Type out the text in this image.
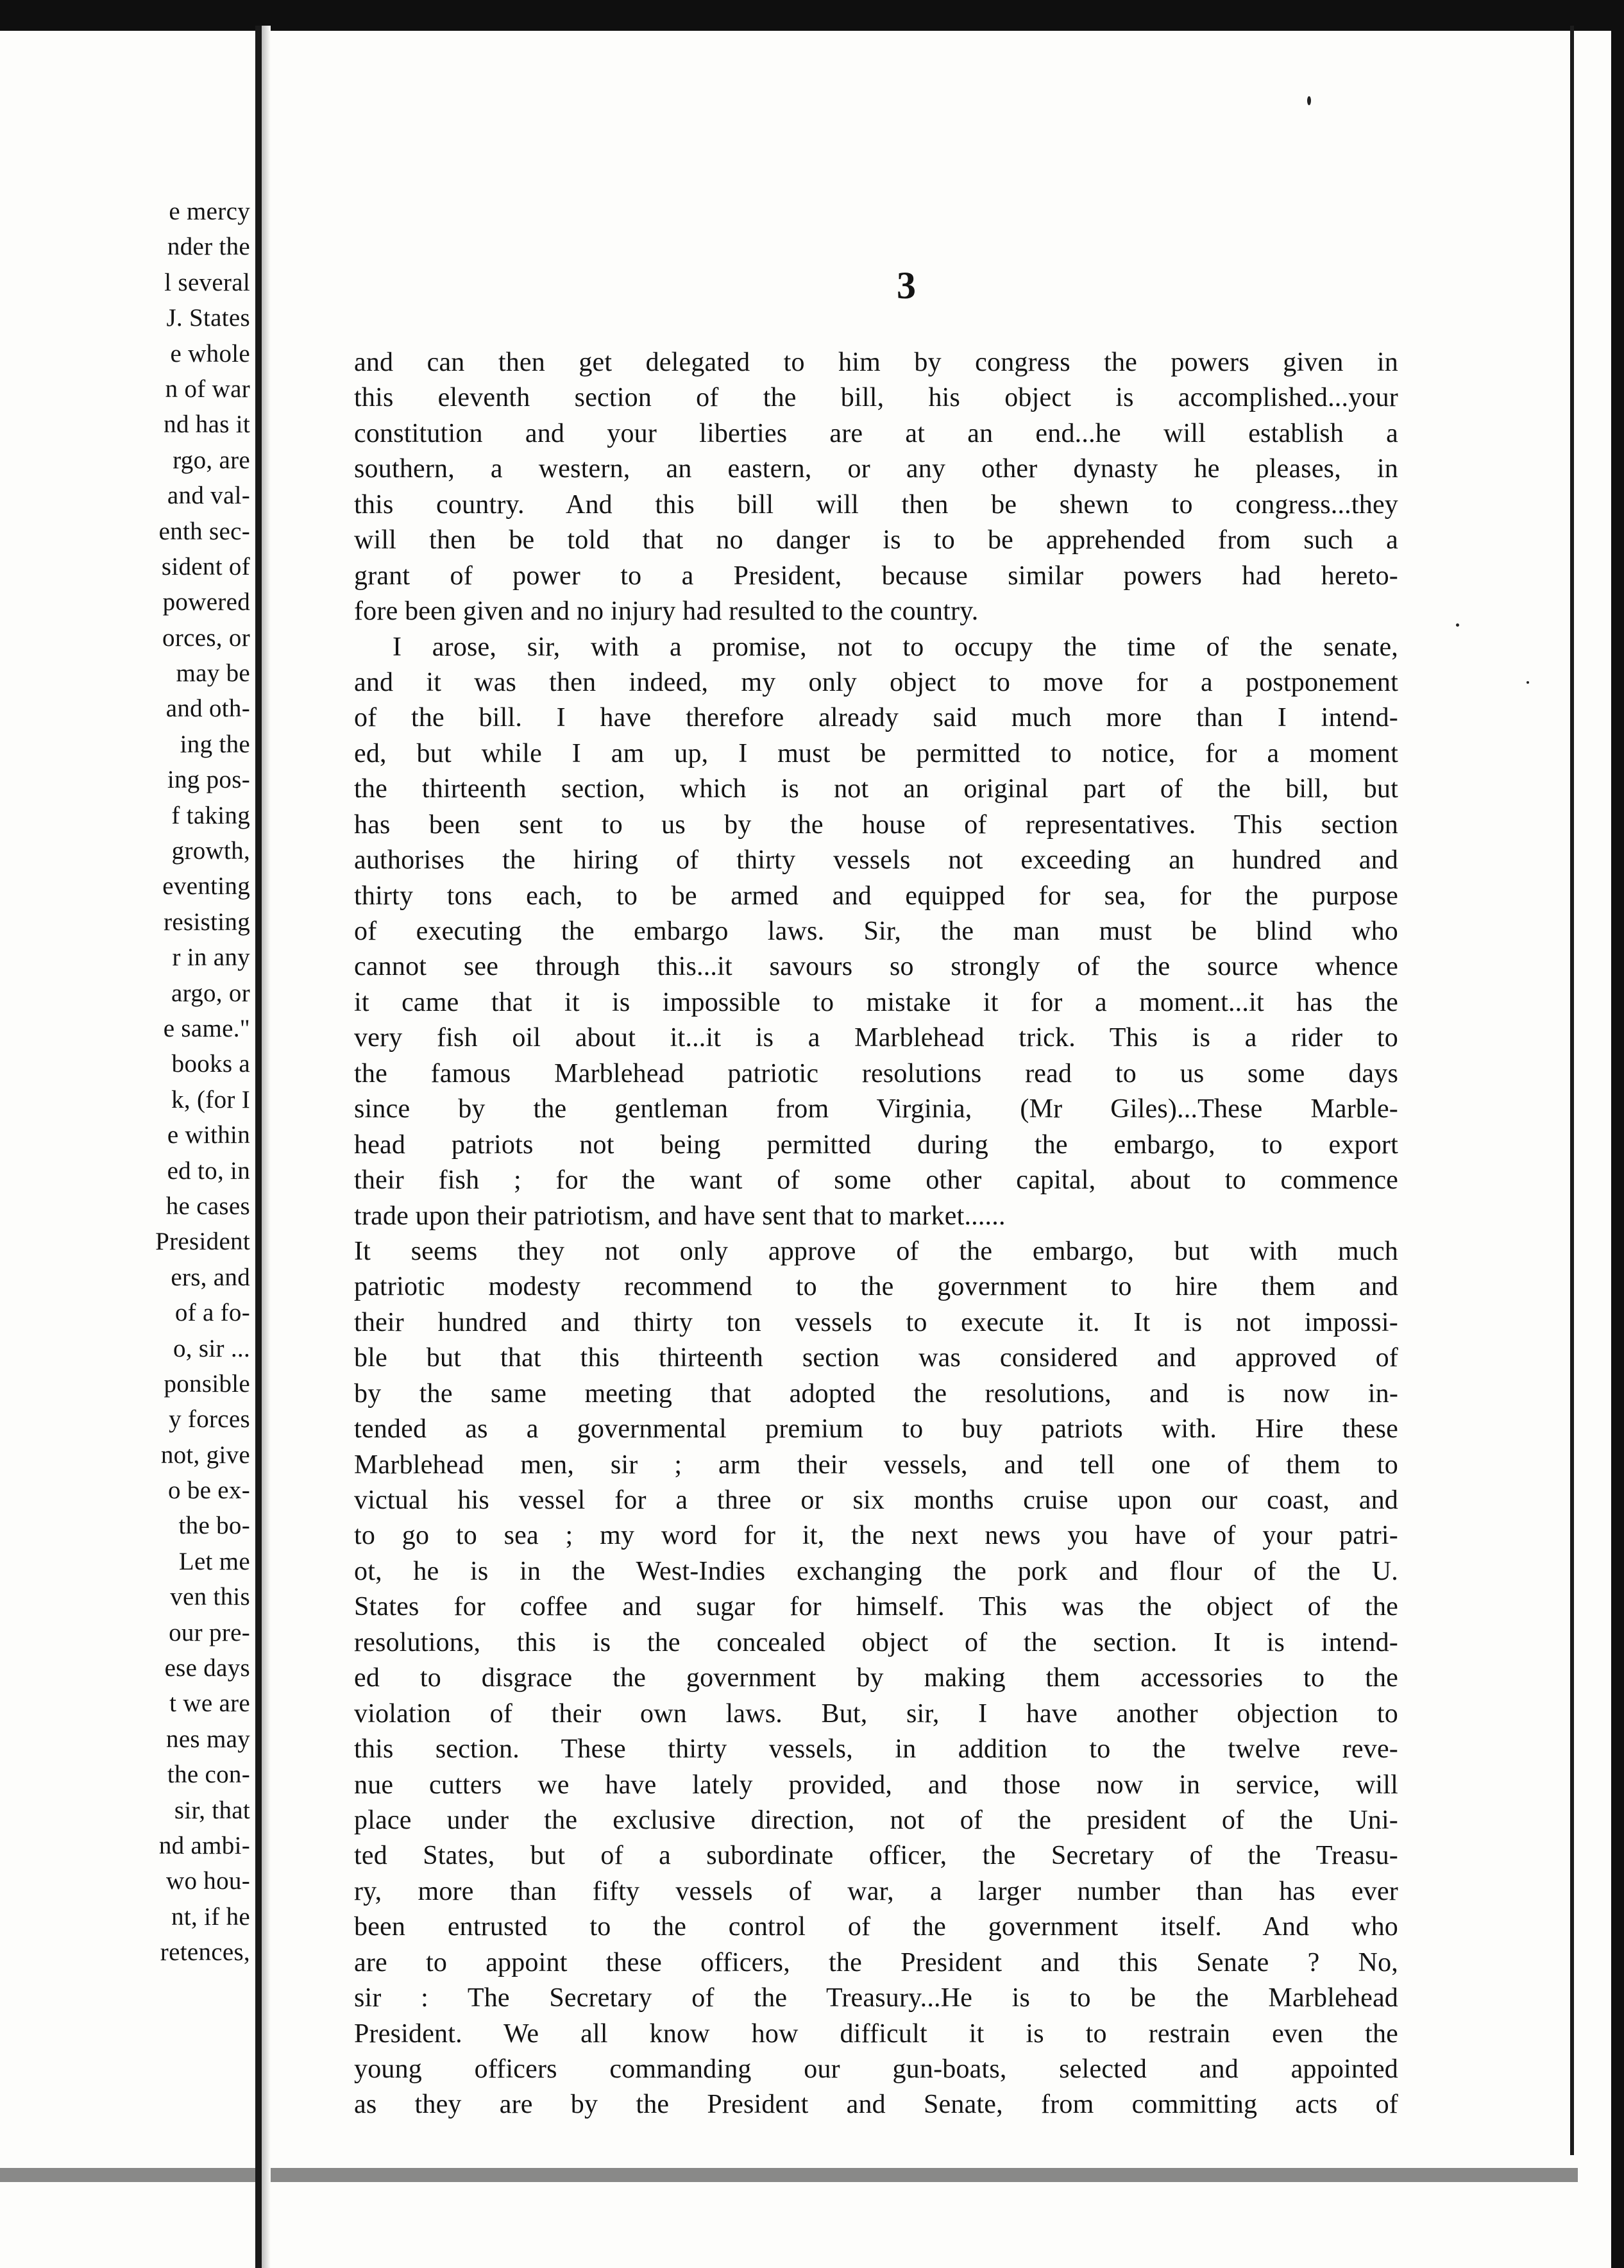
e mercy
nder the
l several
J. States
e whole
n of war
nd has it
rgo, are
and val-
enth sec-
sident of
powered
orces, or
may be
and oth-
ing the
ing pos-
f taking
growth,
eventing
resisting
r in any
argo, or
e same."
books a
k, (for I
e within
ed to, in
he cases
President
ers, and
of a fo-
o, sir ...
ponsible
y forces
not, give
o be ex-
the bo-
Let me
ven this
our pre-
ese days
t we are
nes may
the con-
sir, that
nd ambi-
wo hou-
nt, if he
retences,
3
and can then get delegated to him by congress the powers given in
this eleventh section of the bill, his object is accomplished...your
constitution and your liberties are at an end...he will establish a
southern, a western, an eastern, or any other dynasty he pleases, in
this country. And this bill will then be shewn to congress...they
will then be told that no danger is to be apprehended from such a
grant of power to a President, because similar powers had hereto-
fore been given and no injury had resulted to the country.
I arose, sir, with a promise, not to occupy the time of the senate,
and it was then indeed, my only object to move for a postponement
of the bill. I have therefore already said much more than I intend-
ed, but while I am up, I must be permitted to notice, for a moment
the thirteenth section, which is not an original part of the bill, but
has been sent to us by the house of representatives. This section
authorises the hiring of thirty vessels not exceeding an hundred and
thirty tons each, to be armed and equipped for sea, for the purpose
of executing the embargo laws. Sir, the man must be blind who
cannot see through this...it savours so strongly of the source whence
it came that it is impossible to mistake it for a moment...it has the
very fish oil about it...it is a Marblehead trick. This is a rider to
the famous Marblehead patriotic resolutions read to us some days
since by the gentleman from Virginia, (Mr Giles)...These Marble-
head patriots not being permitted during the embargo, to export
their fish ; for the want of some other capital, about to commence
trade upon their patriotism, and have sent that to market......
It seems they not only approve of the embargo, but with much
patriotic modesty recommend to the government to hire them and
their hundred and thirty ton vessels to execute it. It is not impossi-
ble but that this thirteenth section was considered and approved of
by the same meeting that adopted the resolutions, and is now in-
tended as a governmental premium to buy patriots with. Hire these
Marblehead men, sir ; arm their vessels, and tell one of them to
victual his vessel for a three or six months cruise upon our coast, and
to go to sea ; my word for it, the next news you have of your patri-
ot, he is in the West-Indies exchanging the pork and flour of the U.
States for coffee and sugar for himself. This was the object of the
resolutions, this is the concealed object of the section. It is intend-
ed to disgrace the government by making them accessories to the
violation of their own laws. But, sir, I have another objection to
this section. These thirty vessels, in addition to the twelve reve-
nue cutters we have lately provided, and those now in service, will
place under the exclusive direction, not of the president of the Uni-
ted States, but of a subordinate officer, the Secretary of the Treasu-
ry, more than fifty vessels of war, a larger number than has ever
been entrusted to the control of the government itself. And who
are to appoint these officers, the President and this Senate ? No,
sir : The Secretary of the Treasury...He is to be the Marblehead
President. We all know how difficult it is to restrain even the
young officers commanding our gun-boats, selected and appointed
as they are by the President and Senate, from committing acts of
